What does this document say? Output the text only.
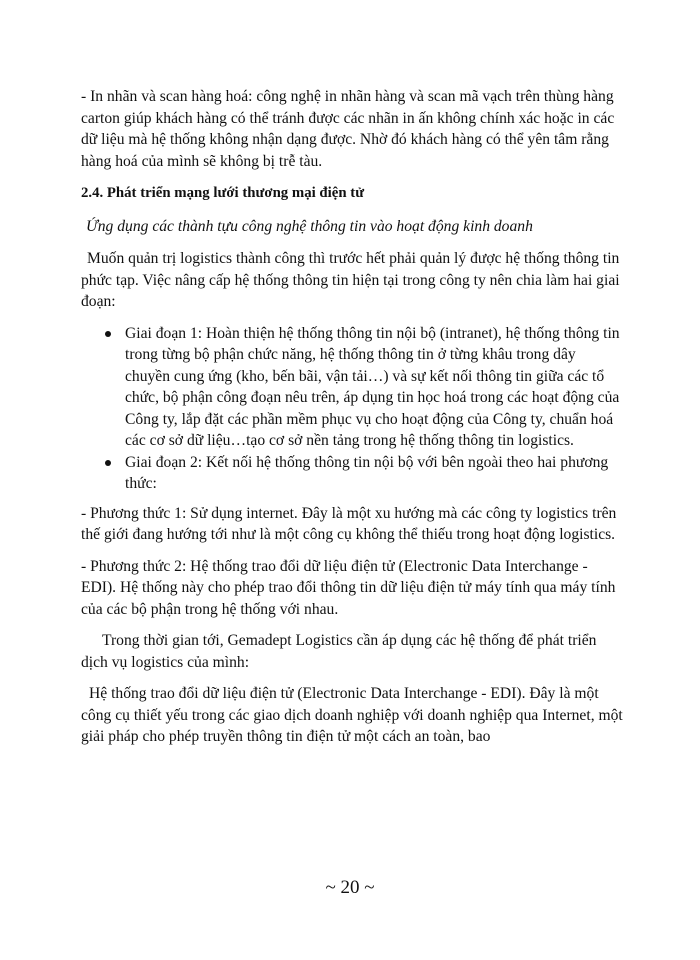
- In nhãn và scan hàng hoá: công nghệ in nhãn hàng và scan mã vạch trên thùng hàng carton giúp khách hàng có thể tránh được các nhãn in ấn không chính xác hoặc in các dữ liệu mà hệ thống không nhận dạng được. Nhờ đó khách hàng có thể yên tâm rằng hàng hoá của mình sẽ không bị trễ tàu.

2.4. Phát triển mạng lưới thương mại điện tử

Ứng dụng các thành tựu công nghệ thông tin vào hoạt động kinh doanh

Muốn quản trị logistics thành công thì trước hết phải quản lý được hệ thống thông tin phức tạp. Việc nâng cấp hệ thống thông tin hiện tại trong công ty nên chia làm hai giai đoạn:

Giai đoạn 1: Hoàn thiện hệ thống thông tin nội bộ (intranet), hệ thống thông tin trong từng bộ phận chức năng, hệ thống thông tin ở từng khâu trong dây chuyền cung ứng (kho, bến bãi, vận tải…) và sự kết nối thông tin giữa các tổ chức, bộ phận công đoạn nêu trên, áp dụng tin học hoá trong các hoạt động của Công ty, lắp đặt các phần mềm phục vụ cho hoạt động của Công ty, chuẩn hoá các cơ sở dữ liệu…tạo cơ sở nền tảng trong hệ thống thông tin logistics.
Giai đoạn 2: Kết nối hệ thống thông tin nội bộ với bên ngoài theo hai phương thức:

- Phương thức 1: Sử dụng internet. Đây là một xu hướng mà các công ty logistics trên thế giới đang hướng tới như là một công cụ không thể thiếu trong hoạt động logistics.

- Phương thức 2: Hệ thống trao đổi dữ liệu điện tử (Electronic Data Interchange - EDI). Hệ thống này cho phép trao đổi thông tin dữ liệu điện tử máy tính qua máy tính của các bộ phận trong hệ thống với nhau.

Trong thời gian tới, Gemadept Logistics cần áp dụng các hệ thống để phát triển dịch vụ logistics của mình:

Hệ thống trao đổi dữ liệu điện tử (Electronic Data Interchange - EDI). Đây là một công cụ thiết yếu trong các giao dịch doanh nghiệp với doanh nghiệp qua Internet, một giải pháp cho phép truyền thông tin điện tử một cách an toàn, bao

~ 20 ~
